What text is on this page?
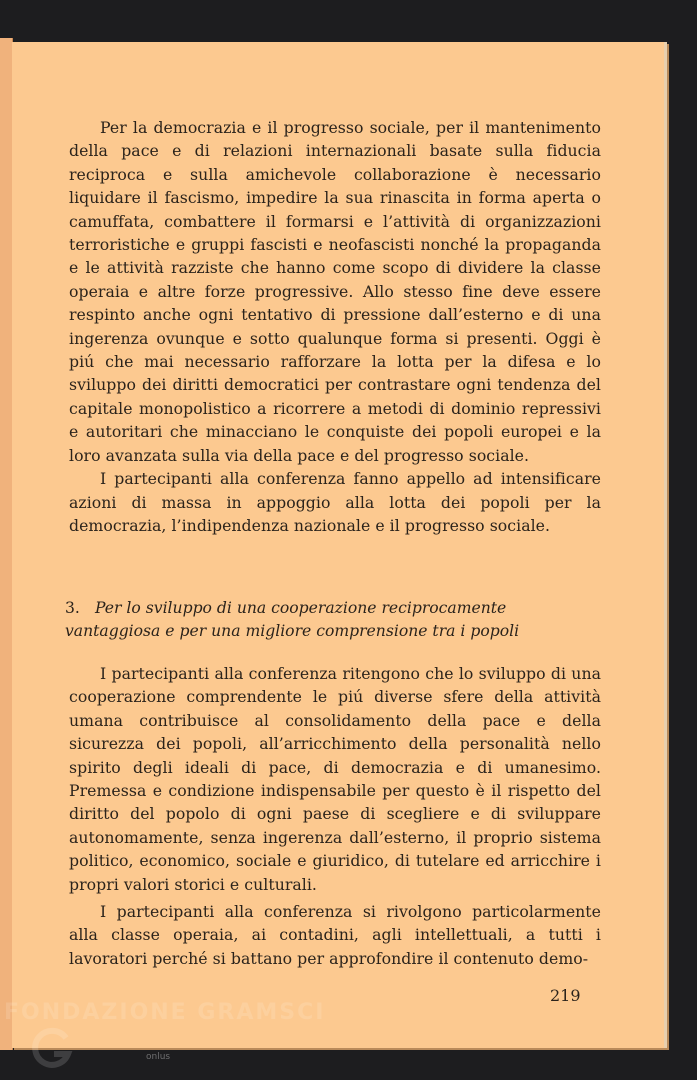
Per la democrazia e il progresso sociale, per il mantenimento della pace e di relazioni internazionali basate sulla fiducia reciproca e sulla amichevole collaborazione è necessario liquidare il fascismo, impedire la sua rinascita in forma aperta o camuffata, combattere il formarsi e l’attività di organizzazioni terroristiche e gruppi fascisti e neofascisti nonché la propaganda e le attività razziste che hanno come scopo di dividere la classe operaia e altre forze progressive. Allo stesso fine deve essere respinto anche ogni tentativo di pressione dall’esterno e di una ingerenza ovunque e sotto qualunque forma si presenti. Oggi è piú che mai necessario rafforzare la lotta per la difesa e lo sviluppo dei diritti democratici per contrastare ogni tendenza del capitale monopolistico a ricorrere a metodi di dominio repressivi e autoritari che minacciano le conquiste dei popoli europei e la loro avanzata sulla via della pace e del progresso sociale.

I partecipanti alla conferenza fanno appello ad intensificare azioni di massa in appoggio alla lotta dei popoli per la democrazia, l’indipendenza nazionale e il progresso sociale.

3. Per lo sviluppo di una cooperazione reciprocamente vantaggiosa e per una migliore comprensione tra i popoli

I partecipanti alla conferenza ritengono che lo sviluppo di una cooperazione comprendente le piú diverse sfere della attività umana contribuisce al consolidamento della pace e della sicurezza dei popoli, all’arricchimento della personalità nello spirito degli ideali di pace, di democrazia e di umanesimo. Premessa e condizione indispensabile per questo è il rispetto del diritto del popolo di ogni paese di scegliere e di sviluppare autonomamente, senza ingerenza dall’esterno, il proprio sistema politico, economico, sociale e giuridico, di tutelare ed arricchire i propri valori storici e culturali.

I partecipanti alla conferenza si rivolgono particolarmente alla classe operaia, ai contadini, agli intellettuali, a tutti i lavoratori perché si battano per approfondire il contenuto demo-

219
FONDAZIONE GRAMSCI
onlus
